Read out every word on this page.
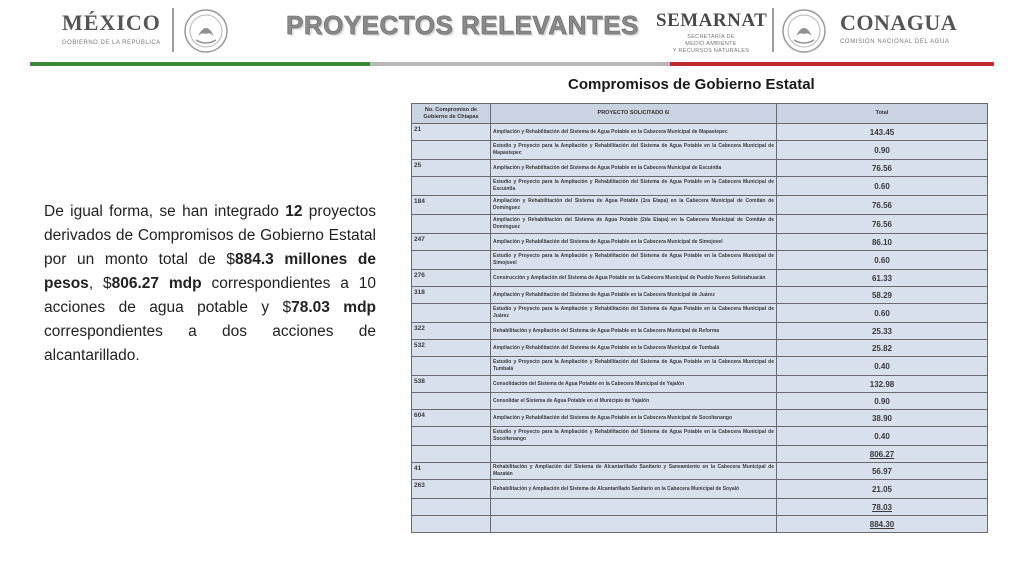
MÉXICO
GOBIERNO DE LA REPÚBLICA
PROYECTOS RELEVANTES SEMARNAT
SECRETARÍA DE
MEDIO AMBIENTE
Y RECURSOS NATURALES
CONAGUA
COMISIÓN NACIONAL DEL AGUA
Compromisos de Gobierno Estatal
De igual forma, se han integrado 12 proyectos derivados de Compromisos de Gobierno Estatal por un monto total de $884.3 millones de pesos, $806.27 mdp correspondientes a 10 acciones de agua potable y $78.03 mdp correspondientes a dos acciones de alcantarillado.
No. Compromiso de Gobierno de Chiapas	PROYECTO SOLICITADO 6/	Total
21	Ampliación y Rehabilitación del Sistema de Agua Potable en la Cabecera Municipal de Mapastepec	143.45
	Estudio y Proyecto para la Ampliación y Rehabilitación del Sistema de Agua Potable en la Cabecera Municipal de Mapastepec	0.90
25	Ampliación y Rehabilitación del Sistema de Agua Potable en la Cabecera Municipal de Escuintla	76.56
	Estudio y Proyecto para la Ampliación y Rehabilitación del Sistema de Agua Potable en la Cabecera Municipal de Escuintla	0.60
184	Ampliación y Rehabilitación del Sistema de Agua Potable (1ra Etapa) en la Cabecera Municipal de Comitán de Domínguez	76.56
	Ampliación y Rehabilitación del Sistema de Agua Potable (2da Etapa) en la Cabecera Municipal de Comitán de Domínguez	76.56
247	Ampliación y Rehabilitación del Sistema de Agua Potable en la Cabecera Municipal de Simojovel	86.10
	Estudio y Proyecto para la Ampliación y Rehabilitación del Sistema de Agua Potable en la Cabecera Municipal de Simojovel	0.60
276	Construcción y Ampliación del Sistema de Agua Potable en la Cabecera Municipal de Pueblo Nuevo Solistahuacán	61.33
318	Ampliación y Rehabilitación del Sistema de Agua Potable en la Cabecera Municipal de Juárez	58.29
	Estudio y Proyecto para la Ampliación y Rehabilitación del Sistema de Agua Potable en la Cabecera Municipal de Juárez	0.60
322	Rehabilitación y Ampliación del Sistema de Agua Potable en la Cabecera Municipal de Reforma	25.33
532	Ampliación y Rehabilitación del Sistema de Agua Potable en la Cabecera Municipal de Tumbalá	25.82
	Estudio y Proyecto para la Ampliación y Rehabilitación del Sistema de Agua Potable en la Cabecera Municipal de Tumbalá	0.40
538	Consolidación del Sistema de Agua Potable en la Cabecera Municipal de Yajalón	132.98
	Consolidar el Sistema de Agua Potable en el Municipio de Yajalón	0.90
604	Ampliación y Rehabilitación del Sistema de Agua Potable en la Cabecera Municipal de Socoltenango	38.90
	Estudio y Proyecto para la Ampliación y Rehabilitación del Sistema de Agua Potable en la Cabecera Municipal de Socoltenango	0.40
		806.27
41	Rehabilitación y Ampliación del Sistema de Alcantarillado Sanitario y Saneamiento en la Cabecera Municipal de Mazatán	56.97
263	Rehabilitación y Ampliación del Sistema de Alcantarillado Sanitario en la Cabecera Municipal de Soyaló	21.05
		78.03
		884.30
